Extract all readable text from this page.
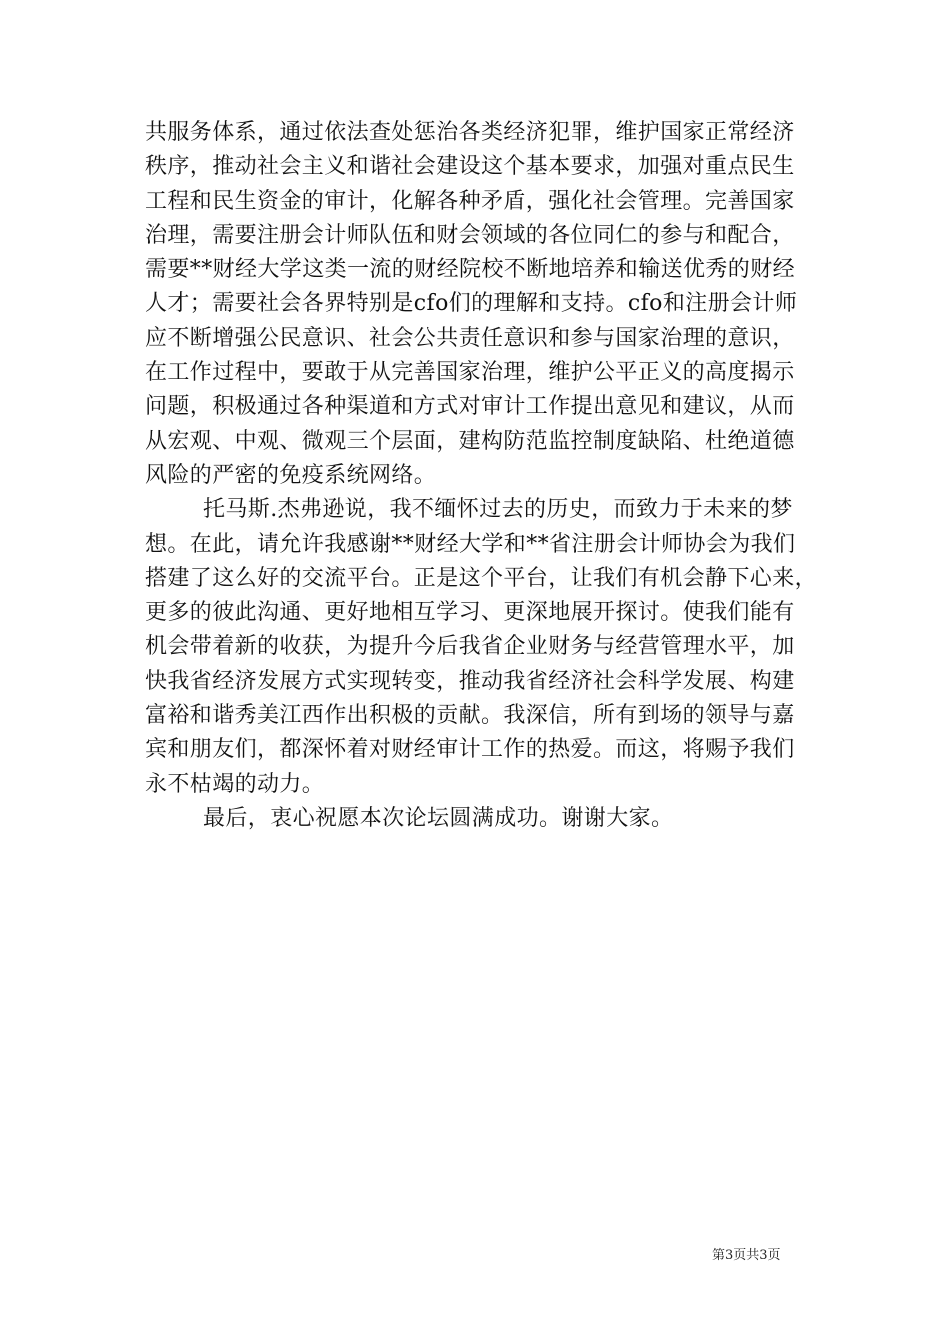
共服务体系，通过依法查处惩治各类经济犯罪，维护国家正常经济
秩序，推动社会主义和谐社会建设这个基本要求，加强对重点民生
工程和民生资金的审计，化解各种矛盾，强化社会管理。完善国家
治理，需要注册会计师队伍和财会领域的各位同仁的参与和配合，
需要**财经大学这类一流的财经院校不断地培养和输送优秀的财经
人才；需要社会各界特别是cfo们的理解和支持。cfo和注册会计师
应不断增强公民意识、社会公共责任意识和参与国家治理的意识，
在工作过程中，要敢于从完善国家治理，维护公平正义的高度揭示
问题，积极通过各种渠道和方式对审计工作提出意见和建议，从而
从宏观、中观、微观三个层面，建构防范监控制度缺陷、杜绝道德
风险的严密的免疫系统网络。
托马斯.杰弗逊说，我不缅怀过去的历史，而致力于未来的梦
想。在此，请允许我感谢**财经大学和**省注册会计师协会为我们
搭建了这么好的交流平台。正是这个平台，让我们有机会静下心来，
更多的彼此沟通、更好地相互学习、更深地展开探讨。使我们能有
机会带着新的收获，为提升今后我省企业财务与经营管理水平，加
快我省经济发展方式实现转变，推动我省经济社会科学发展、构建
富裕和谐秀美江西作出积极的贡献。我深信，所有到场的领导与嘉
宾和朋友们，都深怀着对财经审计工作的热爱。而这，将赐予我们
永不枯竭的动力。
最后，衷心祝愿本次论坛圆满成功。谢谢大家。
第3页共3页
